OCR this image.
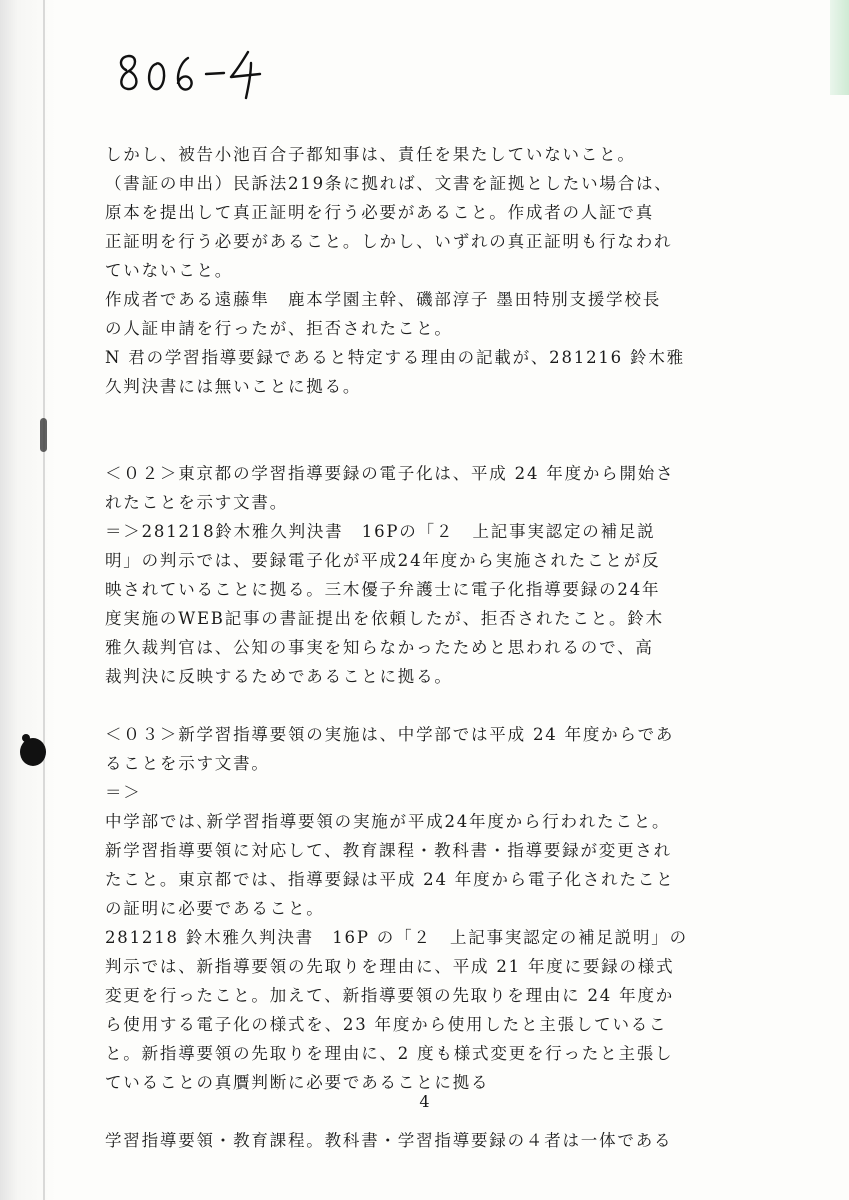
しかし、被告小池百合子都知事は、責任を果たしていないこと。
（書証の申出）民訴法219条に拠れば、文書を証拠としたい場合は、
原本を提出して真正証明を行う必要があること。作成者の人証で真
正証明を行う必要があること。しかし、いずれの真正証明も行なわれ
ていないこと。
作成者である遠藤隼　鹿本学園主幹、磯部淳子 墨田特別支援学校長
の人証申請を行ったが、拒否されたこと。
N 君の学習指導要録であると特定する理由の記載が、281216 鈴木雅
久判決書には無いことに拠る。
＜０２＞東京都の学習指導要録の電子化は、平成 24 年度から開始さ
れたことを示す文書。
＝＞281218鈴木雅久判決書　16Pの「２　上記事実認定の補足説
明」の判示では、要録電子化が平成24年度から実施されたことが反
映されていることに拠る。三木優子弁護士に電子化指導要録の24年
度実施のWEB記事の書証提出を依頼したが、拒否されたこと。鈴木
雅久裁判官は、公知の事実を知らなかったためと思われるので、高
裁判決に反映するためであることに拠る。
＜０３＞新学習指導要領の実施は、中学部では平成 24 年度からであ
ることを示す文書。
＝＞
中学部では､新学習指導要領の実施が平成24年度から行われたこと。
新学習指導要領に対応して、教育課程・教科書・指導要録が変更され
たこと。東京都では、指導要録は平成 24 年度から電子化されたこと
の証明に必要であること。
281218 鈴木雅久判決書　16P の「２　上記事実認定の補足説明」の
判示では、新指導要領の先取りを理由に、平成 21 年度に要録の様式
変更を行ったこと。加えて、新指導要領の先取りを理由に 24 年度か
ら使用する電子化の様式を、23 年度から使用したと主張しているこ
と。新指導要領の先取りを理由に、2 度も様式変更を行ったと主張し
ていることの真贋判断に必要であることに拠る
学習指導要領・教育課程。教科書・学習指導要録の４者は一体である
4
